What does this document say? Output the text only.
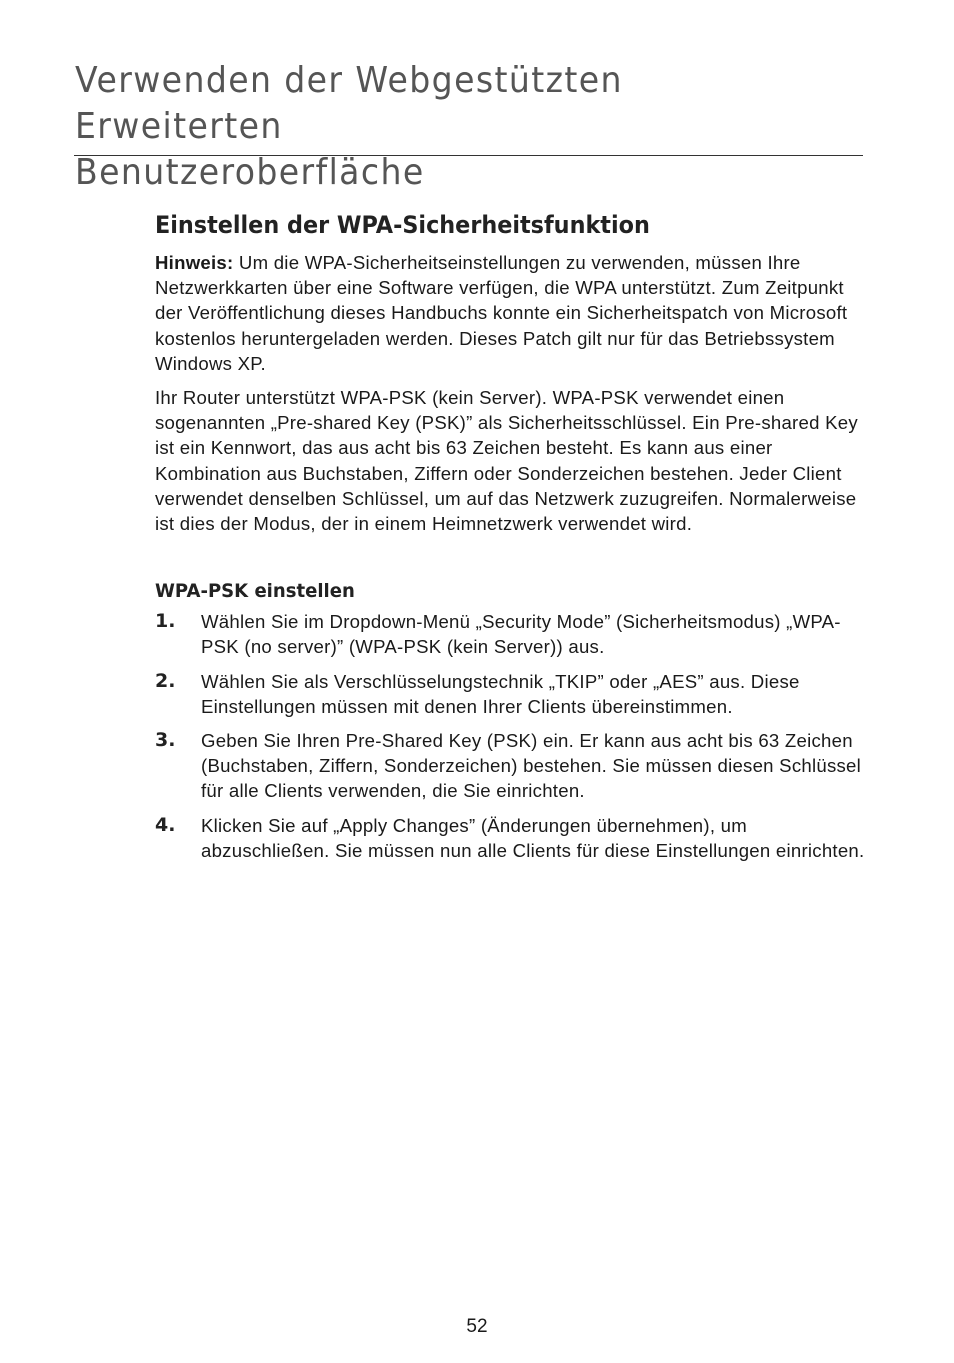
Verwenden der Webgestützten Erweiterten
Benutzeroberfläche
Einstellen der WPA-Sicherheitsfunktion

Hinweis: Um die WPA-Sicherheitseinstellungen zu verwenden, müssen Ihre Netzwerkkarten über eine Software verfügen, die WPA unterstützt. Zum Zeitpunkt der Veröffentlichung dieses Handbuchs konnte ein Sicherheitspatch von Microsoft kostenlos heruntergeladen werden. Dieses Patch gilt nur für das Betriebssystem Windows XP.

Ihr Router unterstützt WPA-PSK (kein Server). WPA-PSK verwendet einen sogenannten „Pre-shared Key (PSK)” als Sicherheitsschlüssel. Ein Pre-shared Key ist ein Kennwort, das aus acht bis 63 Zeichen besteht. Es kann aus einer Kombination aus Buchstaben, Ziffern oder Sonderzeichen bestehen. Jeder Client verwendet denselben Schlüssel, um auf das Netzwerk zuzugreifen. Normalerweise ist dies der Modus, der in einem Heimnetzwerk verwendet wird.

WPA-PSK einstellen
1. Wählen Sie im Dropdown-Menü „Security Mode” (Sicherheitsmodus) „WPA-PSK (no server)” (WPA-PSK (kein Server)) aus.
2. Wählen Sie als Verschlüsselungstechnik „TKIP” oder „AES” aus. Diese Einstellungen müssen mit denen Ihrer Clients übereinstimmen.
3. Geben Sie Ihren Pre-Shared Key (PSK) ein. Er kann aus acht bis 63 Zeichen (Buchstaben, Ziffern, Sonderzeichen) bestehen. Sie müssen diesen Schlüssel für alle Clients verwenden, die Sie einrichten.
4. Klicken Sie auf „Apply Changes” (Änderungen übernehmen), um abzuschließen. Sie müssen nun alle Clients für diese Einstellungen einrichten.
52
